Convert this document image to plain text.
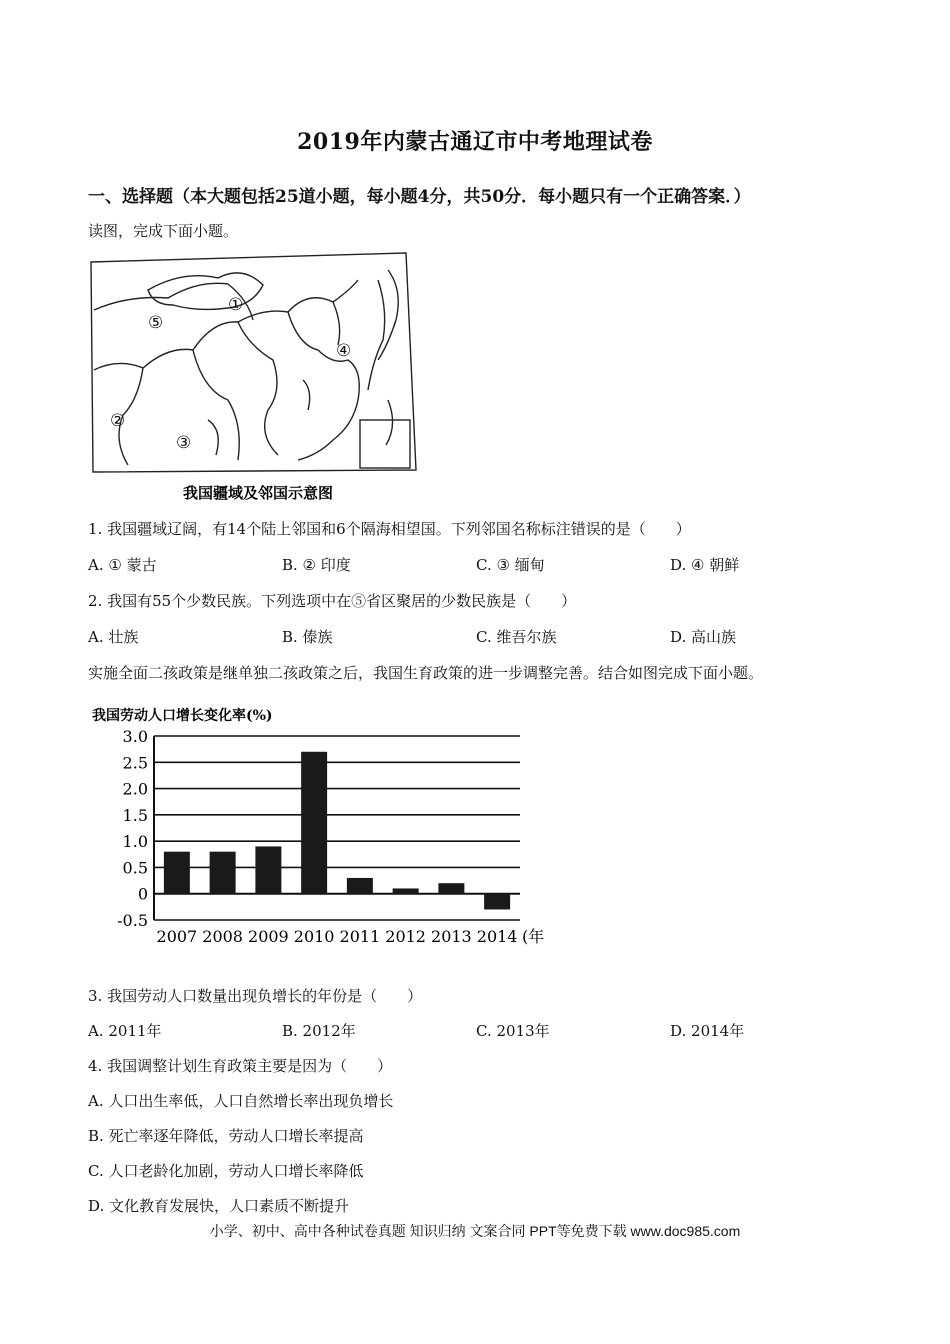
2019年内蒙古通辽市中考地理试卷
一、选择题（本大题包括25道小题，每小题4分，共50分．每小题只有一个正确答案．）
读图，完成下面小题。
①
②
③
④
⑤
我国疆域及邻国示意图
1. 我国疆域辽阔，有14个陆上邻国和6个隔海相望国。下列邻国名称标注错误的是（　　）
A. ① 蒙古	B. ② 印度	C. ③ 缅甸	D. ④ 朝鲜
2. 我国有55个少数民族。下列选项中在⑤省区聚居的少数民族是（　　）
A. 壮族	B. 傣族	C. 维吾尔族	D. 高山族
实施全面二孩政策是继单独二孩政策之后，我国生育政策的进一步调整完善。结合如图完成下面小题。
我国劳动人口增长变化率(%)
3.0
2.5
2.0
1.5
1.0
0.5
0
-0.5
2007 2008 2009 2010 2011 2012 2013 2014 (年
3. 我国劳动人口数量出现负增长的年份是（　　）
A. 2011年	B. 2012年	C. 2013年	D. 2014年
4. 我国调整计划生育政策主要是因为（　　）
A. 人口出生率低，人口自然增长率出现负增长
B. 死亡率逐年降低，劳动人口增长率提高
C. 人口老龄化加剧，劳动人口增长率降低
D. 文化教育发展快，人口素质不断提升
小学、初中、高中各种试卷真题 知识归纳 文案合同 PPT等免费下载 www.doc985.com
